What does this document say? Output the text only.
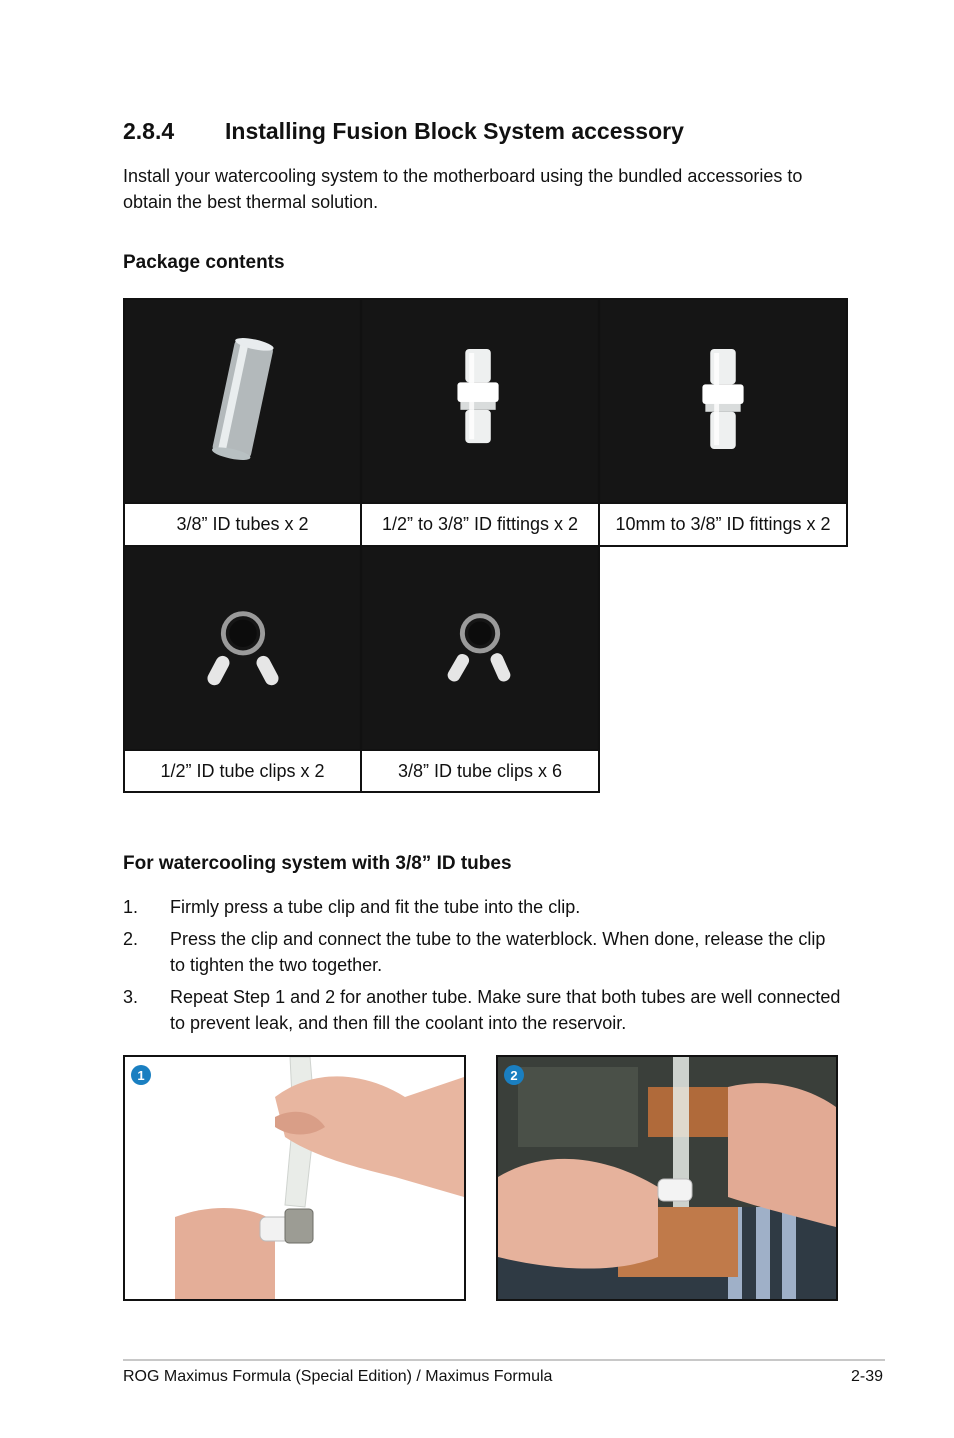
2.8.4 Installing Fusion Block System accessory
Install your watercooling system to the motherboard using the bundled accessories to obtain the best thermal solution.
Package contents
3/8” ID tubes x 2	1/2” to 3/8” ID fittings x 2	10mm to 3/8” ID fittings x 2
1/2” ID tube clips x 2	3/8” ID tube clips x 6
For watercooling system with 3/8” ID tubes
1. Firmly press a tube clip and fit the tube into the clip.
2. Press the clip and connect the tube to the waterblock. When done, release the clip to tighten the two together.
3. Repeat Step 1 and 2 for another tube. Make sure that both tubes are well connected to prevent leak, and then fill the coolant into the reservoir.
1	2
ROG Maximus Formula (Special Edition) / Maximus Formula	2-39
